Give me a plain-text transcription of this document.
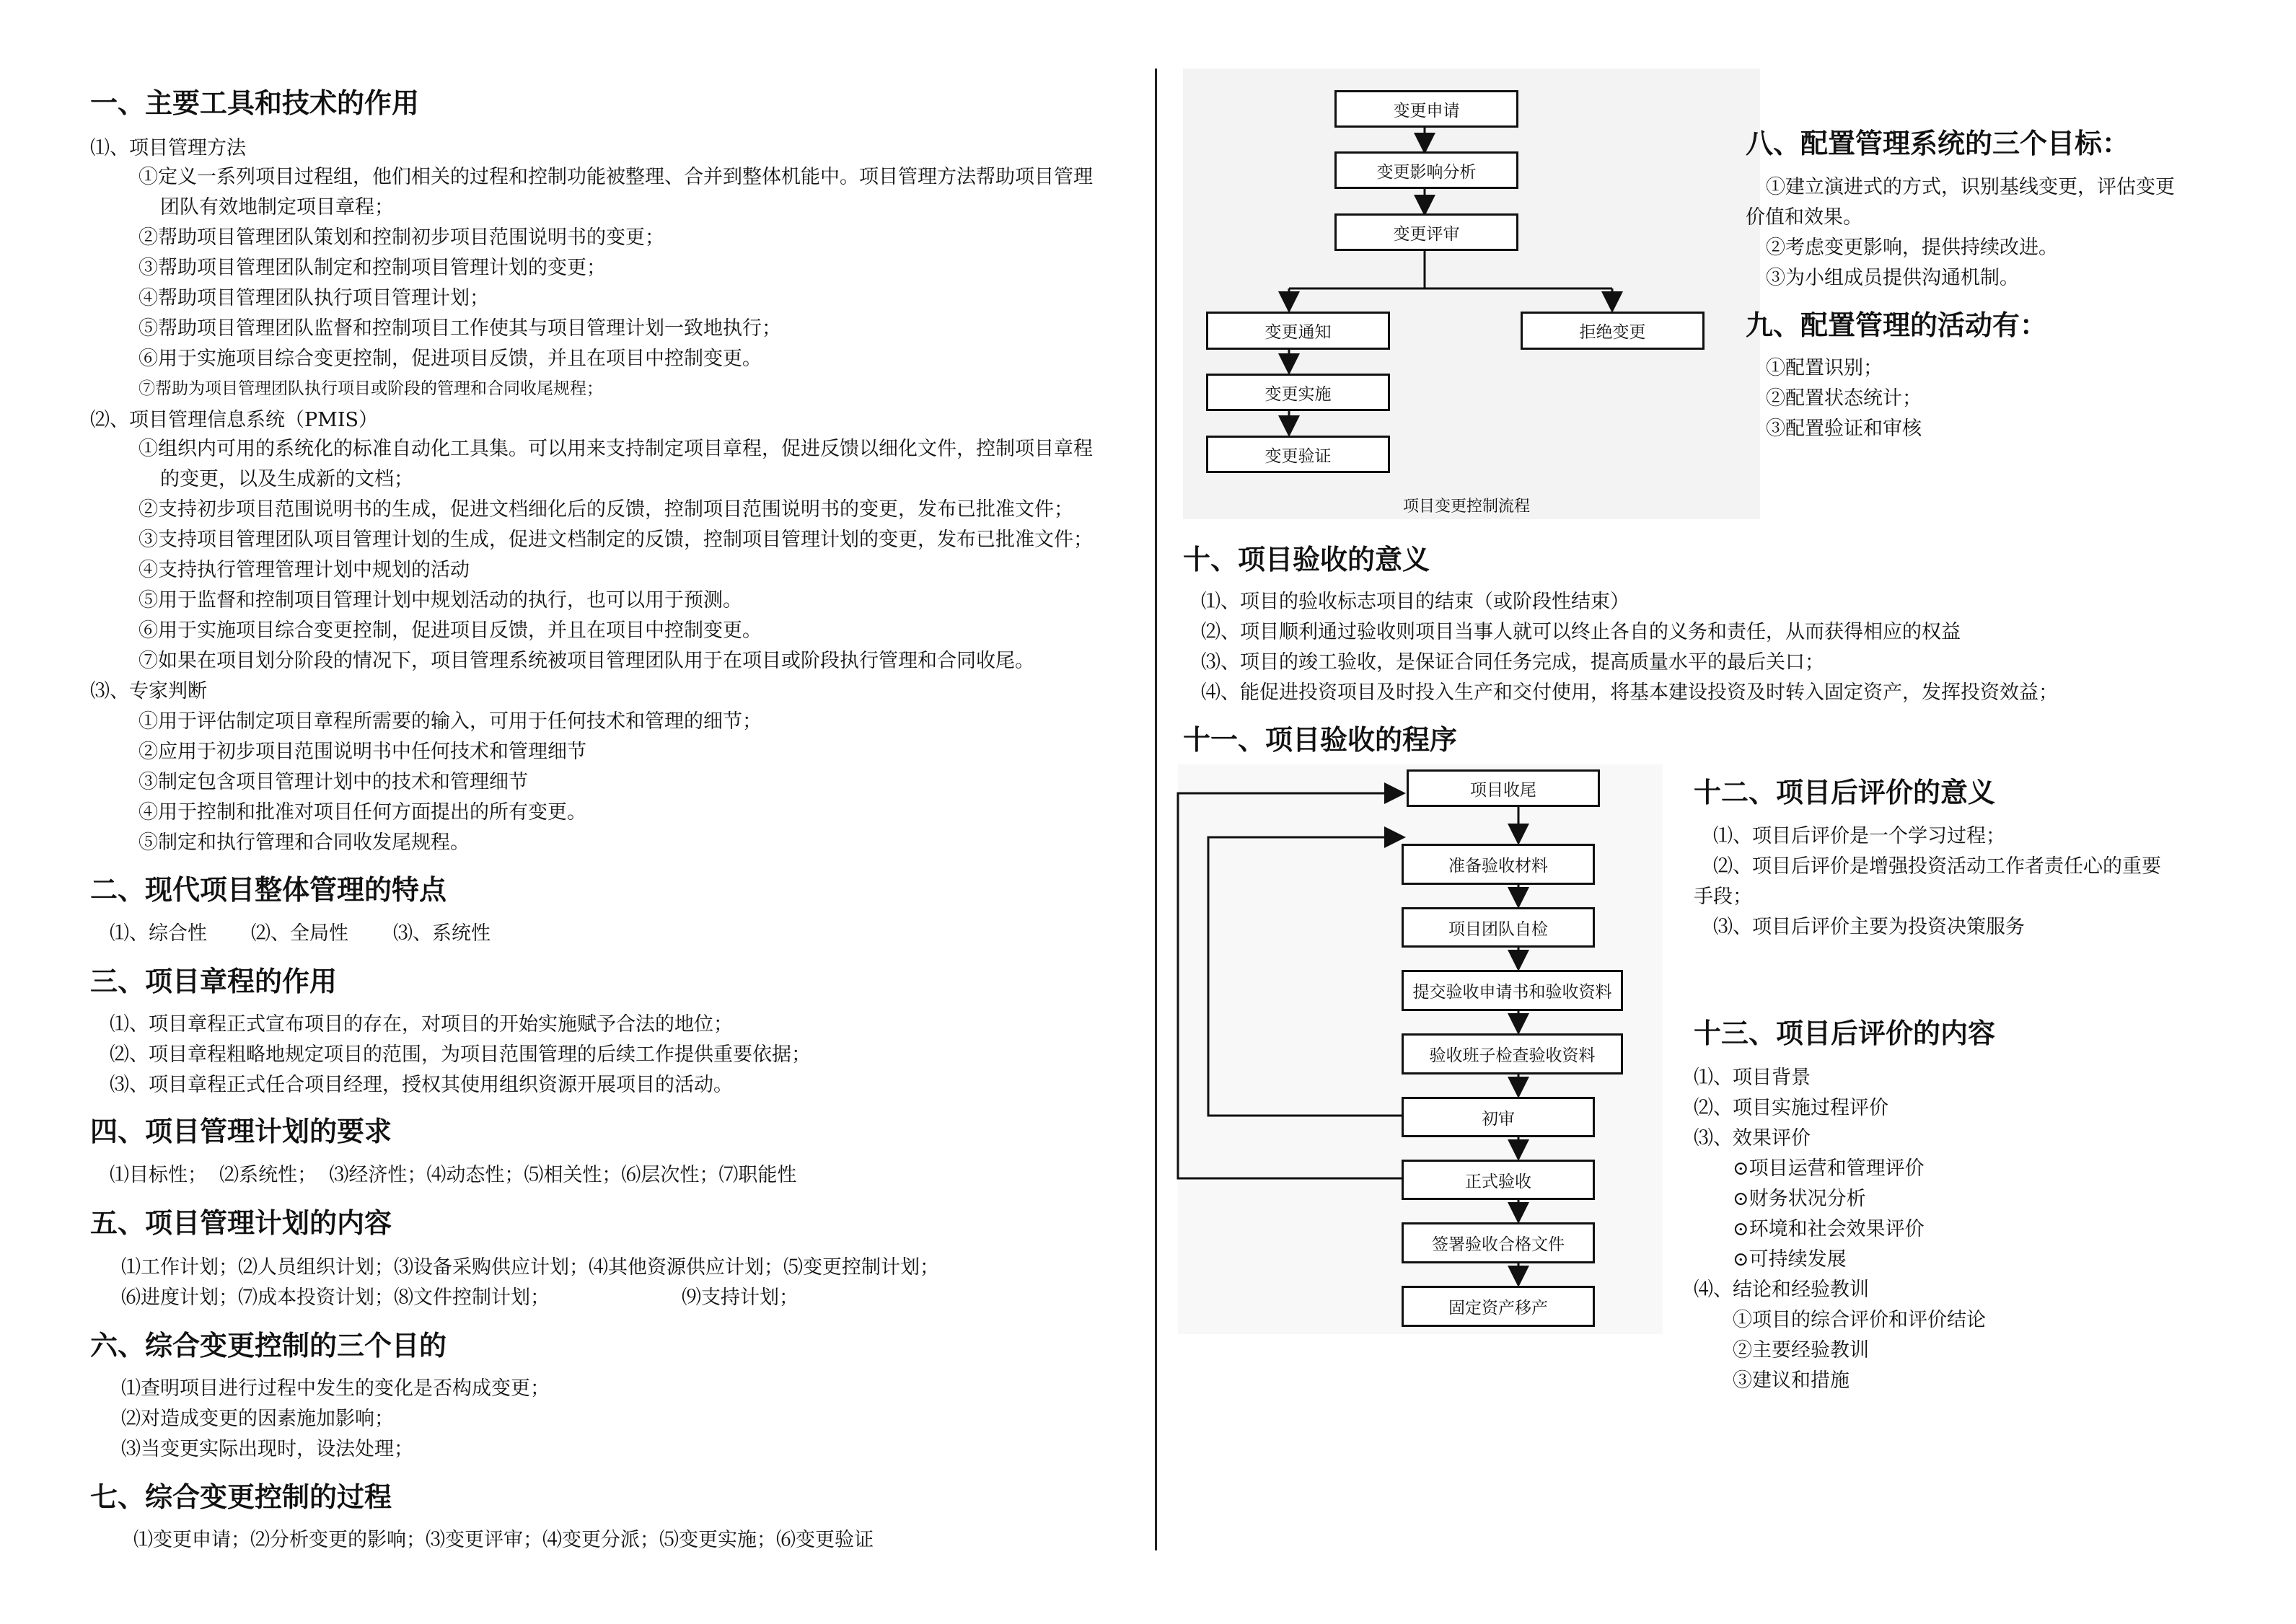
一、主要工具和技术的作用
⑴、项目管理方法
①定义一系列项目过程组，他们相关的过程和控制功能被整理、合并到整体机能中。项目管理方法帮助项目管理
团队有效地制定项目章程；
②帮助项目管理团队策划和控制初步项目范围说明书的变更；
③帮助项目管理团队制定和控制项目管理计划的变更；
④帮助项目管理团队执行项目管理计划；
⑤帮助项目管理团队监督和控制项目工作使其与项目管理计划一致地执行；
⑥用于实施项目综合变更控制，促进项目反馈，并且在项目中控制变更。
⑦帮助为项目管理团队执行项目或阶段的管理和合同收尾规程；
⑵、项目管理信息系统（PMIS）
①组织内可用的系统化的标准自动化工具集。可以用来支持制定项目章程，促进反馈以细化文件，控制项目章程
的变更，以及生成新的文档；
②支持初步项目范围说明书的生成，促进文档细化后的反馈，控制项目范围说明书的变更，发布已批准文件；
③支持项目管理团队项目管理计划的生成，促进文档制定的反馈，控制项目管理计划的变更，发布已批准文件；
④支持执行管理管理计划中规划的活动
⑤用于监督和控制项目管理计划中规划活动的执行，也可以用于预测。
⑥用于实施项目综合变更控制，促进项目反馈，并且在项目中控制变更。
⑦如果在项目划分阶段的情况下，项目管理系统被项目管理团队用于在项目或阶段执行管理和合同收尾。
⑶、专家判断
①用于评估制定项目章程所需要的输入，可用于任何技术和管理的细节；
②应用于初步项目范围说明书中任何技术和管理细节
③制定包含项目管理计划中的技术和管理细节
④用于控制和批准对项目任何方面提出的所有变更。
⑤制定和执行管理和合同收发尾规程。
二、现代项目整体管理的特点
⑴、综合性 ⑵、全局性 ⑶、系统性
三、项目章程的作用
⑴、项目章程正式宣布项目的存在，对项目的开始实施赋予合法的地位；
⑵、项目章程粗略地规定项目的范围，为项目范围管理的后续工作提供重要依据；
⑶、项目章程正式任合项目经理，授权其使用组织资源开展项目的活动。
四、项目管理计划的要求
⑴目标性；  ⑵系统性；  ⑶经济性；⑷动态性；⑸相关性；⑹层次性；⑺职能性
五、项目管理计划的内容
⑴工作计划；⑵人员组织计划；⑶设备采购供应计划；⑷其他资源供应计划；⑸变更控制计划；
⑹进度计划；⑺成本投资计划；⑻文件控制计划；	⑼支持计划；
六、综合变更控制的三个目的
⑴查明项目进行过程中发生的变化是否构成变更；
⑵对造成变更的因素施加影响；
⑶当变更实际出现时，设法处理；
七、综合变更控制的过程
⑴变更申请；⑵分析变更的影响；⑶变更评审；⑷变更分派；⑸变更实施；⑹变更验证
变更申请
变更影响分析
变更评审
变更通知	拒绝变更
变更实施
变更验证
项目变更控制流程
八、配置管理系统的三个目标：
①建立演进式的方式，识别基线变更，评估变更
价值和效果。
②考虑变更影响，提供持续改进。
③为小组成员提供沟通机制。
九、配置管理的活动有：
①配置识别；
②配置状态统计；
③配置验证和审核
十、项目验收的意义
⑴、项目的验收标志项目的结束（或阶段性结束）
⑵、项目顺利通过验收则项目当事人就可以终止各自的义务和责任，从而获得相应的权益
⑶、项目的竣工验收，是保证合同任务完成，提高质量水平的最后关口；
⑷、能促进投资项目及时投入生产和交付使用，将基本建设投资及时转入固定资产，发挥投资效益；
十一、项目验收的程序
项目收尾
准备验收材料
项目团队自检
提交验收申请书和验收资料
验收班子检查验收资料
初审
正式验收
签署验收合格文件
固定资产移产
十二、项目后评价的意义
⑴、项目后评价是一个学习过程；
⑵、项目后评价是增强投资活动工作者责任心的重要
手段；
⑶、项目后评价主要为投资决策服务
十三、项目后评价的内容
⑴、项目背景
⑵、项目实施过程评价
⑶、效果评价
⊙项目运营和管理评价
⊙财务状况分析
⊙环境和社会效果评价
⊙可持续发展
⑷、结论和经验教训
①项目的综合评价和评价结论
②主要经验教训
③建议和措施
